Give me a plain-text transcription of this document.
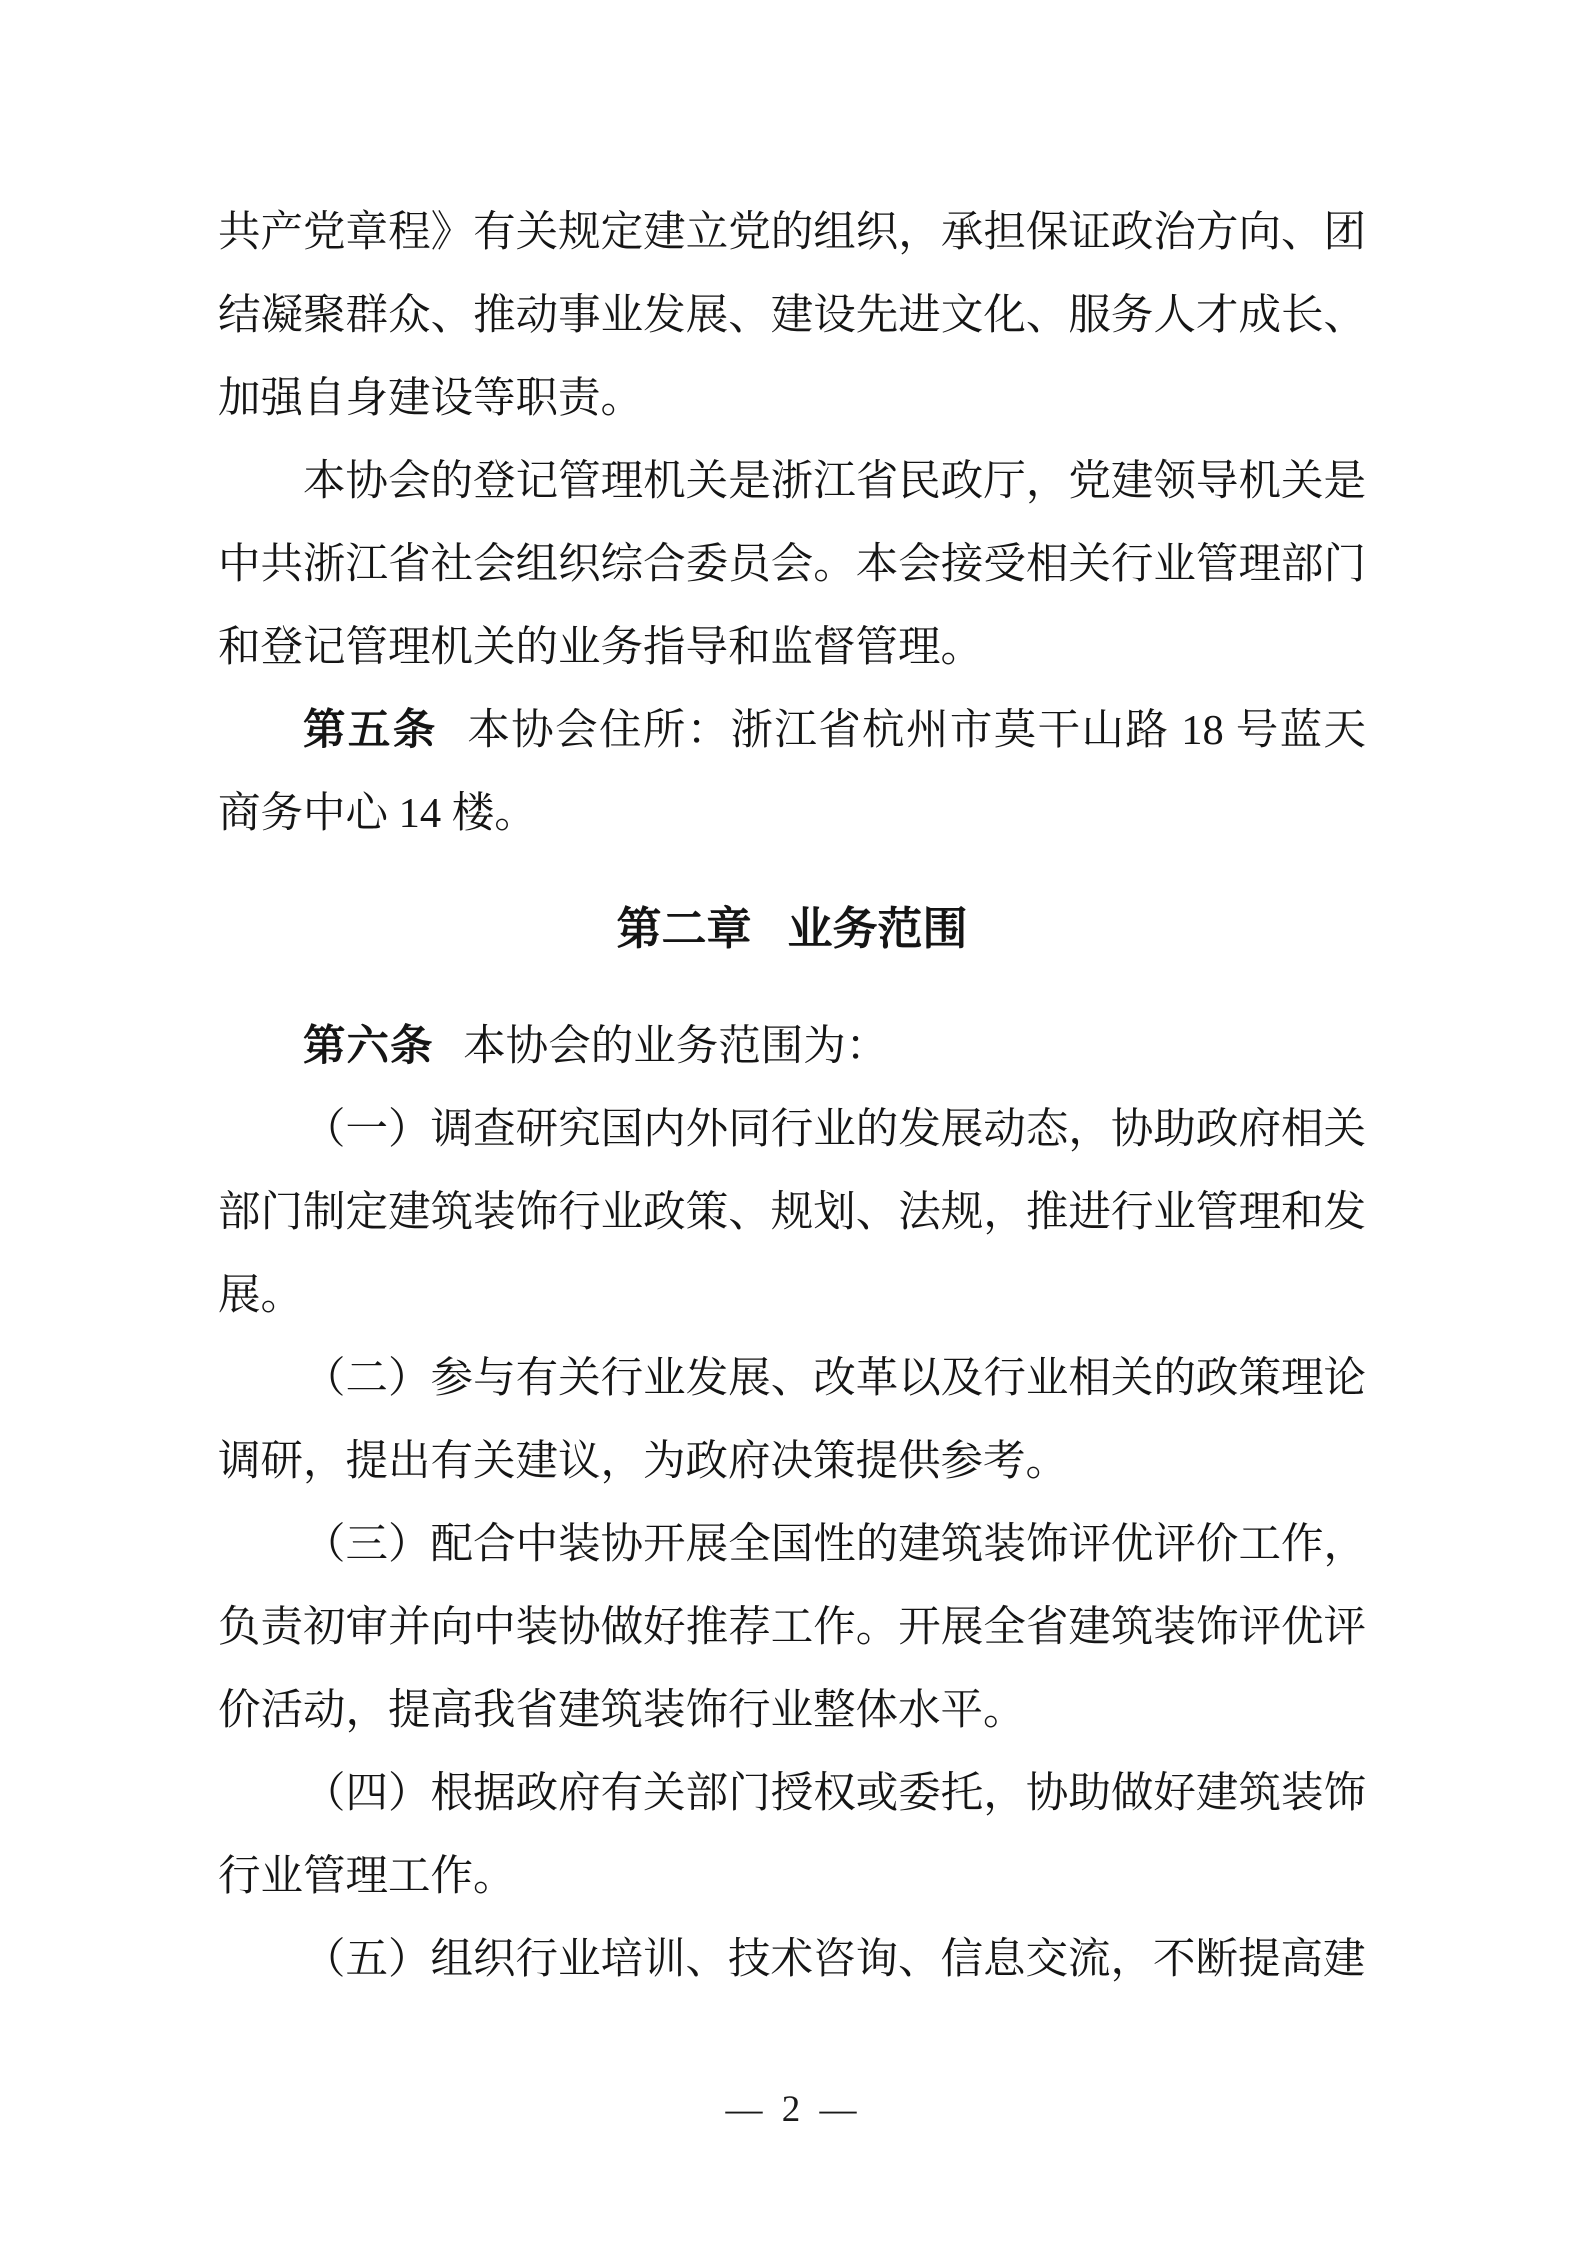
共产党章程》有关规定建立党的组织，承担保证政治方向、团结凝聚群众、推动事业发展、建设先进文化、服务人才成长、加强自身建设等职责。

本协会的登记管理机关是浙江省民政厅，党建领导机关是中共浙江省社会组织综合委员会。本会接受相关行业管理部门和登记管理机关的业务指导和监督管理。

第五条 本协会住所：浙江省杭州市莫干山路 18 号蓝天商务中心 14 楼。

第二章 业务范围

第六条 本协会的业务范围为：

（一）调查研究国内外同行业的发展动态，协助政府相关部门制定建筑装饰行业政策、规划、法规，推进行业管理和发展。

（二）参与有关行业发展、改革以及行业相关的政策理论调研，提出有关建议，为政府决策提供参考。

（三）配合中装协开展全国性的建筑装饰评优评价工作，负责初审并向中装协做好推荐工作。开展全省建筑装饰评优评价活动，提高我省建筑装饰行业整体水平。

（四）根据政府有关部门授权或委托，协助做好建筑装饰行业管理工作。

（五）组织行业培训、技术咨询、信息交流，不断提高建

— 2 —
